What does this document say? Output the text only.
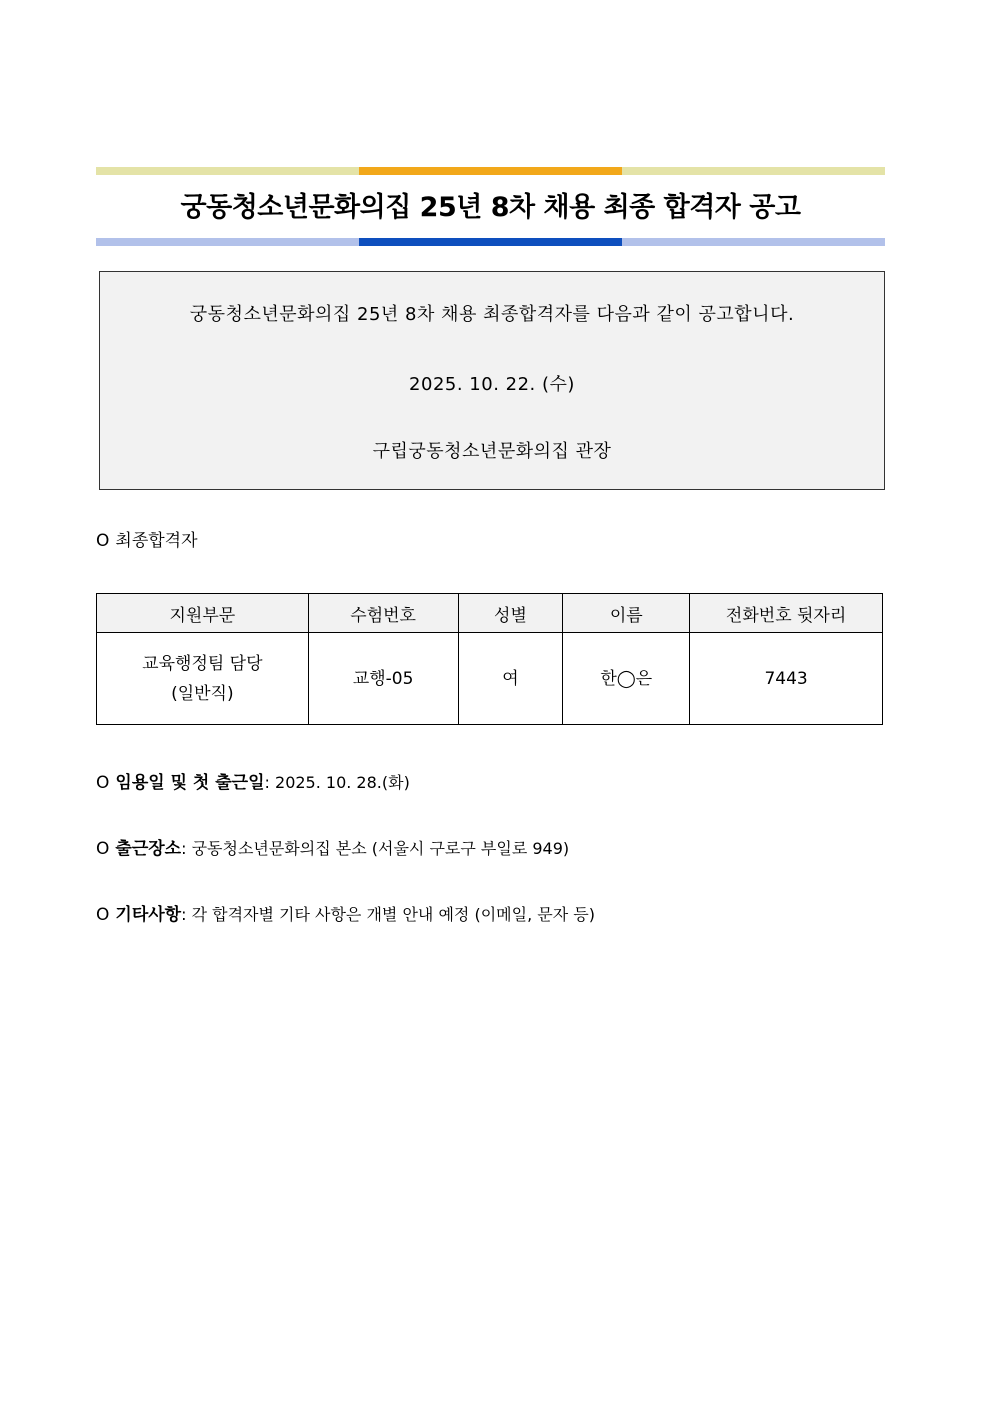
궁동청소년문화의집 25년 8차 채용 최종 합격자 공고
궁동청소년문화의집 25년 8차 채용 최종합격자를 다음과 같이 공고합니다.
2025. 10. 22. (수)
구립궁동청소년문화의집 관장
O 최종합격자
지원부문	수험번호	성별	이름	전화번호 뒷자리

교육행정팀 담당
(일반직)	교행-05	여	한◯은	7443
O 임용일 및 첫 출근일: 2025. 10. 28.(화)
O 출근장소: 궁동청소년문화의집 본소 (서울시 구로구 부일로 949)
O 기타사항: 각 합격자별 기타 사항은 개별 안내 예정 (이메일, 문자 등)
